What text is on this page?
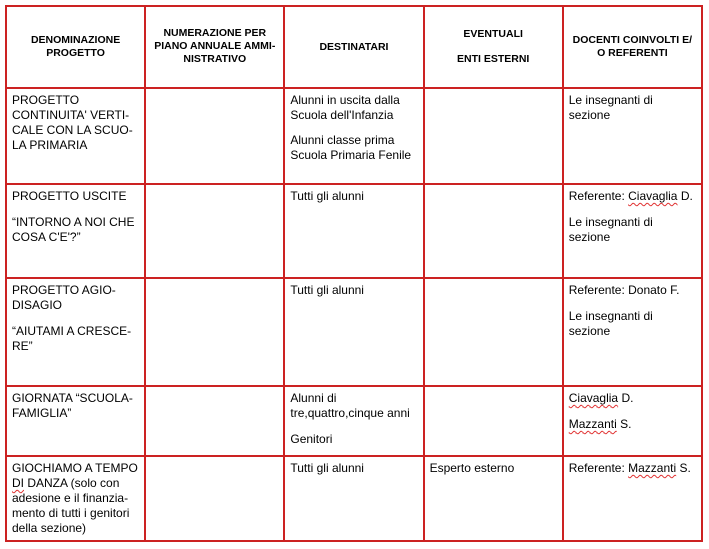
DENOMINAZIONE
PROGETTO	NUMERAZIONE PER
PIANO ANNUALE AMMI-
NISTRATIVO	DESTINATARI	EVENTUALI
ENTI ESTERNI	DOCENTI COINVOLTI E/
O REFERENTI

PROGETTO
CONTINUITA' VERTI-
CALE CON LA SCUO-
LA PRIMARIA		Alunni in uscita dalla
Scuola dell'Infanzia
Alunni classe prima
Scuola Primaria Fenile		Le insegnanti di sezione

PROGETTO USCITE
“INTORNO A NOI CHE
COSA C'E'?”		Tutti gli alunni		Referente: Ciavaglia D.
Le insegnanti di sezione

PROGETTO AGIO-
DISAGIO
“AIUTAMI A CRESCE-
RE”		Tutti gli alunni		Referente: Donato F.
Le insegnanti di sezione

GIORNATA “SCUOLA-
FAMIGLIA”		Alunni di
tre,quattro,cinque anni
Genitori		Ciavaglia D.
Mazzanti S.

GIOCHIAMO A TEMPO
DI DANZA (solo con
adesione e il finanzia-
mento di tutti i genitori
della sezione)		Tutti gli alunni	Esperto esterno	Referente: Mazzanti S.
